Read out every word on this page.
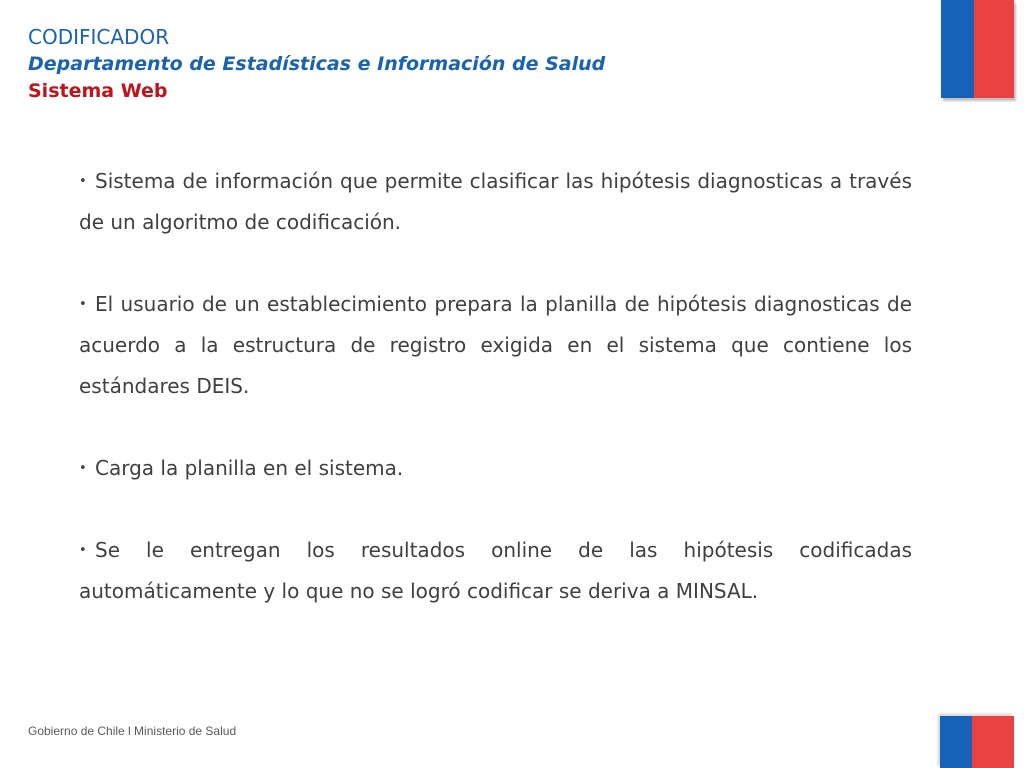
CODIFICADOR
Departamento de Estadísticas e Información de Salud
Sistema Web

• Sistema de información que permite clasificar las hipótesis diagnosticas a través de un algoritmo de codificación.

• El usuario de un establecimiento prepara la planilla de hipótesis diagnosticas de acuerdo a la estructura de registro exigida en el sistema que contiene los estándares DEIS.

• Carga la planilla en el sistema.

• Se le entregan los resultados online de las hipótesis codificadas automáticamente y lo que no se logró codificar se deriva a MINSAL.

Gobierno de Chile l Ministerio de Salud
